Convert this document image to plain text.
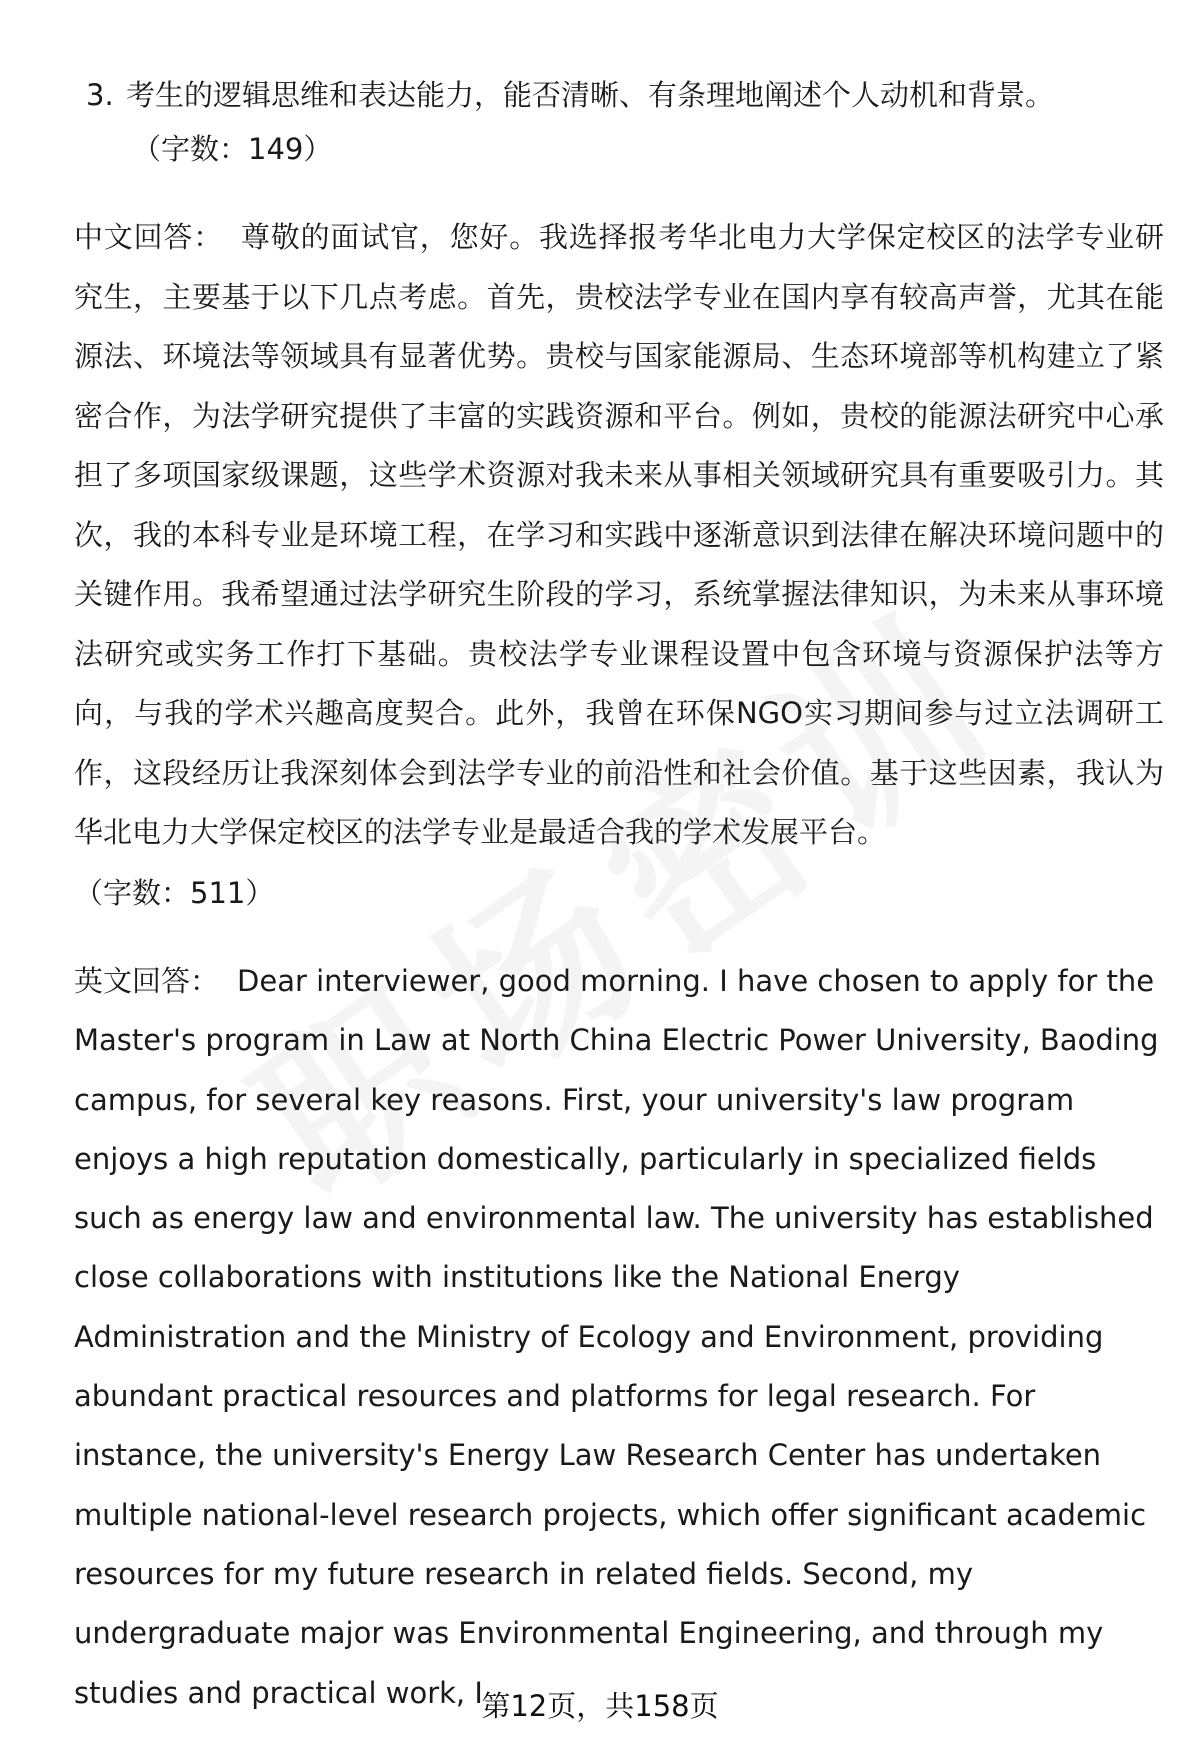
3. 考生的逻辑思维和表达能力，能否清晰、有条理地阐述个人动机和背景。
（字数：149）

中文回答： 尊敬的面试官，您好。我选择报考华北电力大学保定校区的法学专业研究生，主要基于以下几点考虑。首先，贵校法学专业在国内享有较高声誉，尤其在能源法、环境法等领域具有显著优势。贵校与国家能源局、生态环境部等机构建立了紧密合作，为法学研究提供了丰富的实践资源和平台。例如，贵校的能源法研究中心承担了多项国家级课题，这些学术资源对我未来从事相关领域研究具有重要吸引力。其次，我的本科专业是环境工程，在学习和实践中逐渐意识到法律在解决环境问题中的关键作用。我希望通过法学研究生阶段的学习，系统掌握法律知识，为未来从事环境法研究或实务工作打下基础。贵校法学专业课程设置中包含环境与资源保护法等方向，与我的学术兴趣高度契合。此外，我曾在环保NGO实习期间参与过立法调研工作，这段经历让我深刻体会到法学专业的前沿性和社会价值。基于这些因素，我认为华北电力大学保定校区的法学专业是最适合我的学术发展平台。

（字数：511）

英文回答： Dear interviewer, good morning. I have chosen to apply for the Master's program in Law at North China Electric Power University, Baoding campus, for several key reasons. First, your university's law program enjoys a high reputation domestically, particularly in specialized fields such as energy law and environmental law. The university has established close collaborations with institutions like the National Energy Administration and the Ministry of Ecology and Environment, providing abundant practical resources and platforms for legal research. For instance, the university's Energy Law Research Center has undertaken multiple national-level research projects, which offer significant academic resources for my future research in related fields. Second, my undergraduate major was Environmental Engineering, and through my studies and practical work, I

第12页，共158页
